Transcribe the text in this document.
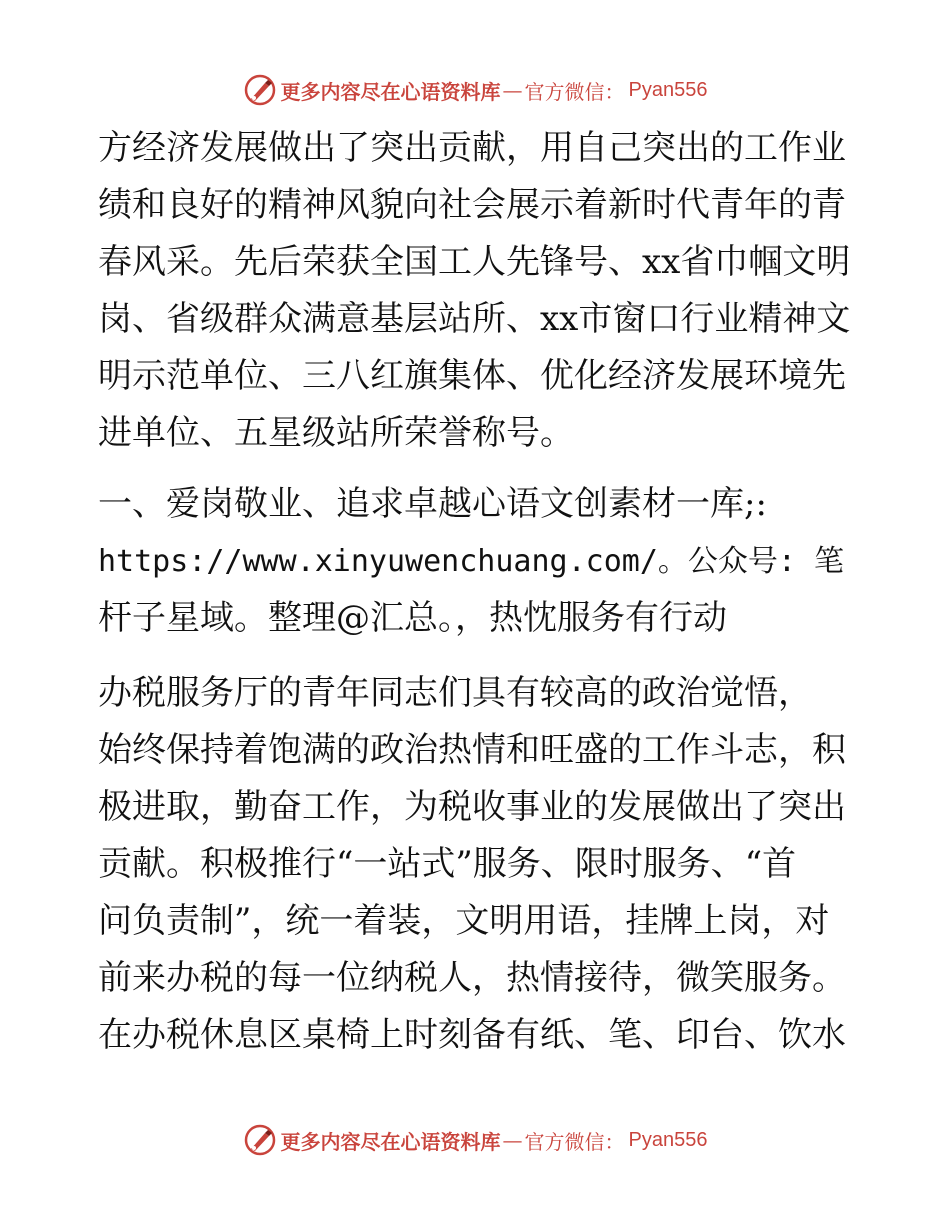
更多内容尽在心语资料库 — 官方微信： Pyan556

方经济发展做出了突出贡献，用自己突出的工作业
绩和良好的精神风貌向社会展示着新时代青年的青
春风采。先后荣获全国工人先锋号、xx省巾帼文明
岗、省级群众满意基层站所、xx市窗口行业精神文
明示范单位、三八红旗集体、优化经济发展环境先
进单位、五星级站所荣誉称号。

一、爱岗敬业、追求卓越心语文创素材一库;:
https://www.xinyuwenchuang.com/。公众号: 笔
杆子星域。整理@汇总。，热忱服务有行动

办税服务厅的青年同志们具有较高的政治觉悟，
始终保持着饱满的政治热情和旺盛的工作斗志，积
极进取，勤奋工作，为税收事业的发展做出了突出
贡献。积极推行“一站式”服务、限时服务、“首
问负责制”，统一着装，文明用语，挂牌上岗，对
前来办税的每一位纳税人，热情接待，微笑服务。
在办税休息区桌椅上时刻备有纸、笔、印台、饮水

更多内容尽在心语资料库 — 官方微信： Pyan556
